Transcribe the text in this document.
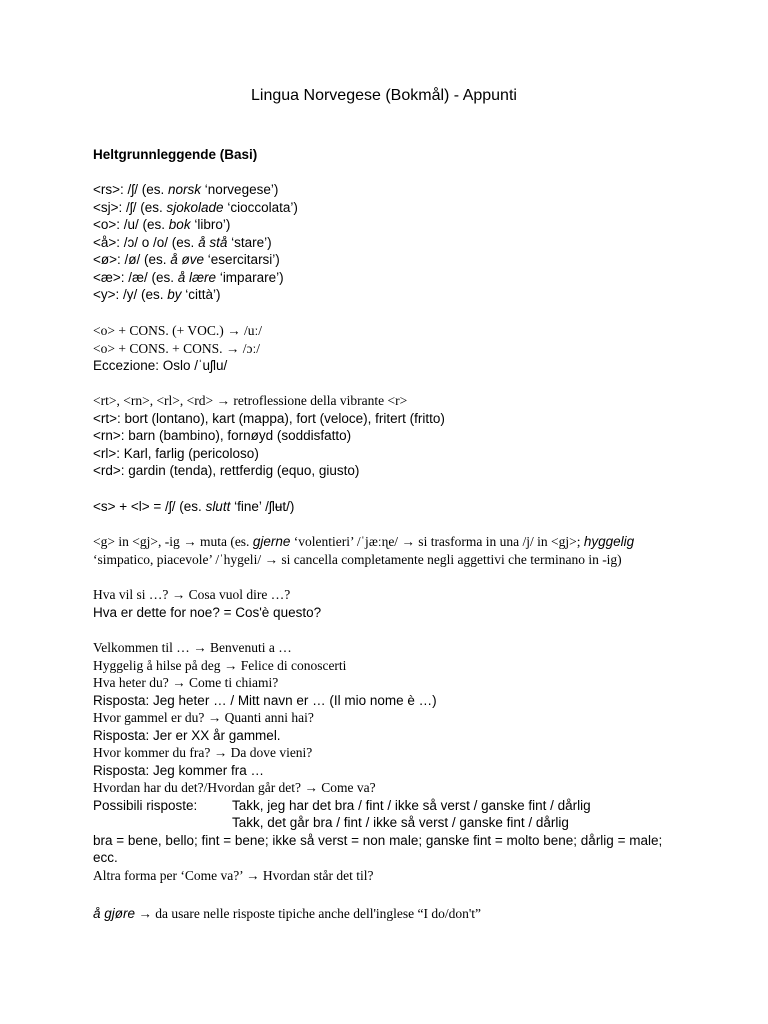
Lingua Norvegese (Bokmål) - Appunti
Heltgrunnleggende (Basi)
<rs>: /ʃ/ (es. norsk ‘norvegese’)
<sj>: /ʃ/ (es. sjokolade ‘cioccolata’)
<o>: /u/ (es. bok ‘libro’)
<å>: /ɔ/ o /o/ (es. å stå ‘stare’)
<ø>: /ø/ (es. å øve ‘esercitarsi’)
<æ>: /æ/ (es. å lære ‘imparare’)
<y>: /y/ (es. by ‘città’)
<o> + CONS. (+ VOC.) → /uː/
<o> + CONS. + CONS. → /ɔː/
Eccezione: Oslo /ˈuʃlu/
<rt>, <rn>, <rl>, <rd> → retroflessione della vibrante <r>
<rt>: bort (lontano), kart (mappa), fort (veloce), fritert (fritto)
<rn>: barn (bambino), fornøyd (soddisfatto)
<rl>: Karl, farlig (pericoloso)
<rd>: gardin (tenda), rettferdig (equo, giusto)
<s> + <l> = /ʃ/ (es. slutt ‘fine’ /ʃlʉt/)
<g> in <gj>, -ig → muta (es. gjerne ‘volentieri’ /ˈjæːɳe/ → si trasforma in una /j/ in <gj>; hyggelig
‘simpatico, piacevole’ /ˈhygeli/ → si cancella completamente negli aggettivi che terminano in -ig)
Hva vil si …? → Cosa vuol dire …?
Hva er dette for noe? = Cos'è questo?
Velkommen til … → Benvenuti a …
Hyggelig å hilse på deg → Felice di conoscerti
Hva heter du? → Come ti chiami?
Risposta: Jeg heter … / Mitt navn er … (Il mio nome è …)
Hvor gammel er du? → Quanti anni hai?
Risposta: Jer er XX år gammel.
Hvor kommer du fra? → Da dove vieni?
Risposta: Jeg kommer fra …
Hvordan har du det?/Hvordan går det? → Come va?
Possibili risposte:	Takk, jeg har det bra / fint / ikke så verst / ganske fint / dårlig
Takk, det går bra / fint / ikke så verst / ganske fint / dårlig
bra = bene, bello; fint = bene; ikke så verst = non male; ganske fint = molto bene; dårlig = male; ecc.
Altra forma per ‘Come va?’ → Hvordan står det til?
å gjøre → da usare nelle risposte tipiche anche dell'inglese “I do/don't”
